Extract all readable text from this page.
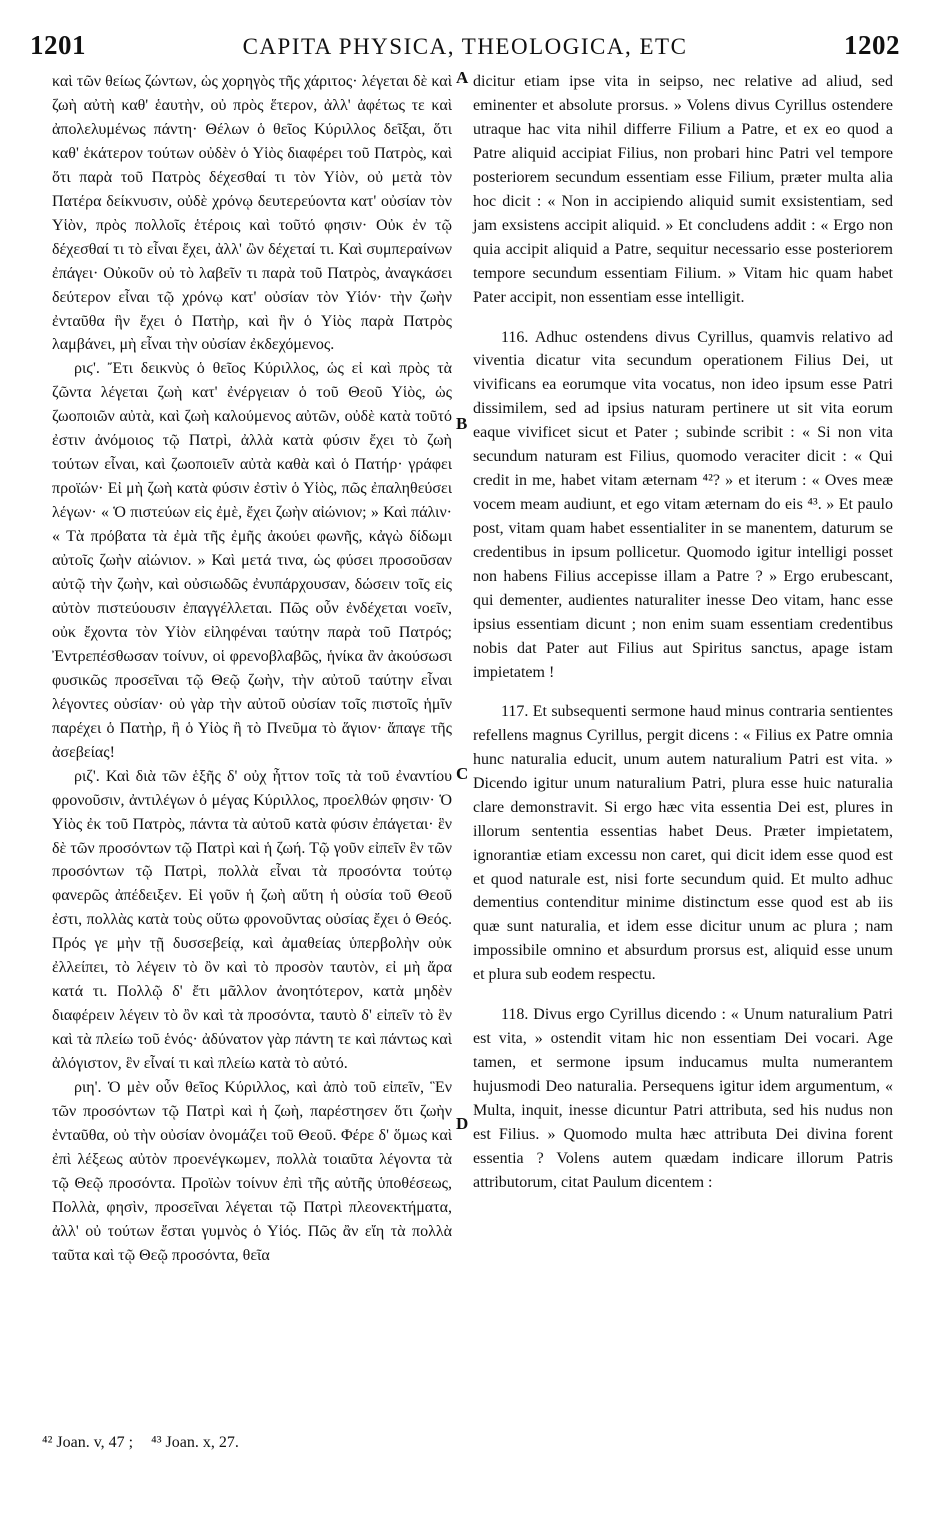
1201	CAPITA PHYSICA, THEOLOGICA, ETC	1202

καὶ τῶν θείως ζώντων, ὡς χορηγὸς τῆς χάριτος· λέγεται δὲ καὶ ζωὴ αὐτὴ καθ' ἑαυτὴν, οὐ πρὸς ἕτερον, ἀλλ' ἀφέτως τε καὶ ἀπολελυμένως πάντη· Θέλων ὁ θεῖος Κύριλλος δεῖξαι, ὅτι καθ' ἑκάτερον τούτων οὐδὲν ὁ Υἱὸς διαφέρει τοῦ Πατρὸς, καὶ ὅτι παρὰ τοῦ Πατρὸς δέχεσθαί τι τὸν Υἱὸν, οὐ μετὰ τὸν Πατέρα δείκνυσιν, οὐδὲ χρόνῳ δευτερεύοντα κατ' οὐσίαν τὸν Υἱὸν, πρὸς πολλοῖς ἑτέροις καὶ τοῦτό φησιν· Οὐκ ἐν τῷ δέχεσθαί τι τὸ εἶναι ἔχει, ἀλλ' ὢν δέχεταί τι. Καὶ συμπεραίνων ἐπάγει· Οὐκοῦν οὐ τὸ λαβεῖν τι παρὰ τοῦ Πατρὸς, ἀναγκάσει δεύτερον εἶναι τῷ χρόνῳ κατ' οὐσίαν τὸν Υἱόν· τὴν ζωὴν ἐνταῦθα ἣν ἔχει ὁ Πατὴρ, καὶ ἣν ὁ Υἱὸς παρὰ Πατρὸς λαμβάνει, μὴ εἶναι τὴν οὐσίαν ἐκδεχόμενος.

ριϛ'. Ἔτι δεικνὺς ὁ θεῖος Κύριλλος, ὡς εἰ καὶ πρὸς τὰ ζῶντα λέγεται ζωὴ κατ' ἐνέργειαν ὁ τοῦ Θεοῦ Υἱὸς, ὡς ζωοποιῶν αὐτὰ, καὶ ζωὴ καλούμενος αὐτῶν, οὐδὲ κατὰ τοῦτό ἐστιν ἀνόμοιος τῷ Πατρὶ, ἀλλὰ κατὰ φύσιν ἔχει τὸ ζωὴ τούτων εἶναι, καὶ ζωοποιεῖν αὐτὰ καθὰ καὶ ὁ Πατήρ· γράφει προϊών· Εἰ μὴ ζωὴ κατὰ φύσιν ἐστὶν ὁ Υἱὸς, πῶς ἐπαληθεύσει λέγων· « Ὁ πιστεύων εἰς ἐμὲ, ἔχει ζωὴν αἰώνιον; » Καὶ πάλιν· « Τὰ πρόβατα τὰ ἐμὰ τῆς ἐμῆς ἀκούει φωνῆς, κἀγὼ δίδωμι αὐτοῖς ζωὴν αἰώνιον. » Καὶ μετά τινα, ὡς φύσει προσοῦσαν αὐτῷ τὴν ζωὴν, καὶ οὐσιωδῶς ἐνυπάρχουσαν, δώσειν τοῖς εἰς αὐτὸν πιστεύουσιν ἐπαγγέλλεται. Πῶς οὖν ἐνδέχεται νοεῖν, οὐκ ἔχοντα τὸν Υἱὸν εἰληφέναι ταύτην παρὰ τοῦ Πατρός; Ἐντρεπέσθωσαν τοίνυν, οἱ φρενοβλαβῶς, ἡνίκα ἂν ἀκούσωσι φυσικῶς προσεῖναι τῷ Θεῷ ζωὴν, τὴν αὐτοῦ ταύτην εἶναι λέγοντες οὐσίαν· οὐ γὰρ τὴν αὐτοῦ οὐσίαν τοῖς πιστοῖς ἡμῖν παρέχει ὁ Πατὴρ, ἢ ὁ Υἱὸς ἢ τὸ Πνεῦμα τὸ ἅγιον· ἄπαγε τῆς ἀσεβείας!

ριζ'. Καὶ διὰ τῶν ἑξῆς δ' οὐχ ἧττον τοῖς τὰ τοῦ ἐναντίου φρονοῦσιν, ἀντιλέγων ὁ μέγας Κύριλλος, προελθών φησιν· Ὁ Υἱὸς ἐκ τοῦ Πατρὸς, πάντα τὰ αὐτοῦ κατὰ φύσιν ἐπάγεται· ἓν δὲ τῶν προσόντων τῷ Πατρὶ καὶ ἡ ζωή. Τῷ γοῦν εἰπεῖν ἓν τῶν προσόντων τῷ Πατρὶ, πολλὰ εἶναι τὰ προσόντα τούτῳ φανερῶς ἀπέδειξεν. Εἰ γοῦν ἡ ζωὴ αὕτη ἡ οὐσία τοῦ Θεοῦ ἐστι, πολλὰς κατὰ τοὺς οὕτω φρονοῦντας οὐσίας ἔχει ὁ Θεός. Πρός γε μὴν τῇ δυσσεβείᾳ, καὶ ἀμαθείας ὑπερβολὴν οὐκ ἐλλείπει, τὸ λέγειν τὸ ὂν καὶ τὸ προσὸν ταυτὸν, εἰ μὴ ἄρα κατά τι. Πολλῷ δ' ἔτι μᾶλλον ἀνοητότερον, κατὰ μηδὲν διαφέρειν λέγειν τὸ ὂν καὶ τὰ προσόντα, ταυτὸ δ' εἰπεῖν τὸ ἓν καὶ τὰ πλείω τοῦ ἑνός· ἀδύνατον γὰρ πάντη τε καὶ πάντως καὶ ἀλόγιστον, ἓν εἶναί τι καὶ πλείω κατὰ τὸ αὐτό.

ριη'. Ὁ μὲν οὖν θεῖος Κύριλλος, καὶ ἀπὸ τοῦ εἰπεῖν, Ἓν τῶν προσόντων τῷ Πατρὶ καὶ ἡ ζωὴ, παρέστησεν ὅτι ζωὴν ἐνταῦθα, οὐ τὴν οὐσίαν ὀνομάζει τοῦ Θεοῦ. Φέρε δ' ὅμως καὶ ἐπὶ λέξεως αὐτὸν προενέγκωμεν, πολλὰ τοιαῦτα λέγοντα τὰ τῷ Θεῷ προσόντα. Προϊὼν τοίνυν ἐπὶ τῆς αὐτῆς ὑποθέσεως, Πολλὰ, φησὶν, προσεῖναι λέγεται τῷ Πατρὶ πλεονεκτήματα, ἀλλ' οὐ τούτων ἔσται γυμνὸς ὁ Υἱός. Πῶς ἂν εἴη τὰ πολλὰ ταῦτα καὶ τῷ Θεῷ προσόντα, θεῖα

dicitur etiam ipse vita in seipso, nec relative ad aliud, sed eminenter et absolute prorsus. » Volens divus Cyrillus ostendere utraque hac vita nihil differre Filium a Patre, et ex eo quod a Patre aliquid accipiat Filius, non probari hinc Patri vel tempore posteriorem secundum essentiam esse Filium, præter multa alia hoc dicit : « Non in accipiendo aliquid sumit exsistentiam, sed jam exsistens accipit aliquid. » Et concludens addit : « Ergo non quia accipit aliquid a Patre, sequitur necessario esse posteriorem tempore secundum essentiam Filium. » Vitam hic quam habet Pater accipit, non essentiam esse intelligit.

116. Adhuc ostendens divus Cyrillus, quamvis relativo ad viventia dicatur vita secundum operationem Filius Dei, ut vivificans ea eorumque vita vocatus, non ideo ipsum esse Patri dissimilem, sed ad ipsius naturam pertinere ut sit vita eorum eaque vivificet sicut et Pater ; subinde scribit : « Si non vita secundum naturam est Filius, quomodo veraciter dicit : « Qui credit in me, habet vitam æternam ⁴²? » et iterum : « Oves meæ vocem meam audiunt, et ego vitam æternam do eis ⁴³. » Et paulo post, vitam quam habet essentialiter in se manentem, daturum se credentibus in ipsum pollicetur. Quomodo igitur intelligi posset non habens Filius accepisse illam a Patre ? » Ergo erubescant, qui dementer, audientes naturaliter inesse Deo vitam, hanc esse ipsius essentiam dicunt ; non enim suam essentiam credentibus nobis dat Pater aut Filius aut Spiritus sanctus, apage istam impietatem !

117. Et subsequenti sermone haud minus contraria sentientes refellens magnus Cyrillus, pergit dicens : « Filius ex Patre omnia hunc naturalia educit, unum autem naturalium Patri est vita. » Dicendo igitur unum naturalium Patri, plura esse huic naturalia clare demonstravit. Si ergo hæc vita essentia Dei est, plures in illorum sententia essentias habet Deus. Præter impietatem, ignorantiæ etiam excessu non caret, qui dicit idem esse quod est et quod naturale est, nisi forte secundum quid. Et multo adhuc dementius contenditur minime distinctum esse quod est ab iis quæ sunt naturalia, et idem esse dicitur unum ac plura ; nam impossibile omnino et absurdum prorsus est, aliquid esse unum et plura sub eodem respectu.

118. Divus ergo Cyrillus dicendo : « Unum naturalium Patri est vita, » ostendit vitam hic non essentiam Dei vocari. Age tamen, et sermone ipsum inducamus multa numerantem hujusmodi Deo naturalia. Persequens igitur idem argumentum, « Multa, inquit, inesse dicuntur Patri attributa, sed his nudus non est Filius. » Quomodo multa hæc attributa Dei divina forent essentia ? Volens autem quædam indicare illorum Patris attributorum, citat Paulum dicentem :

A
B
C
D
⁴² Joan. v, 47 ; ⁴³ Joan. x, 27.
